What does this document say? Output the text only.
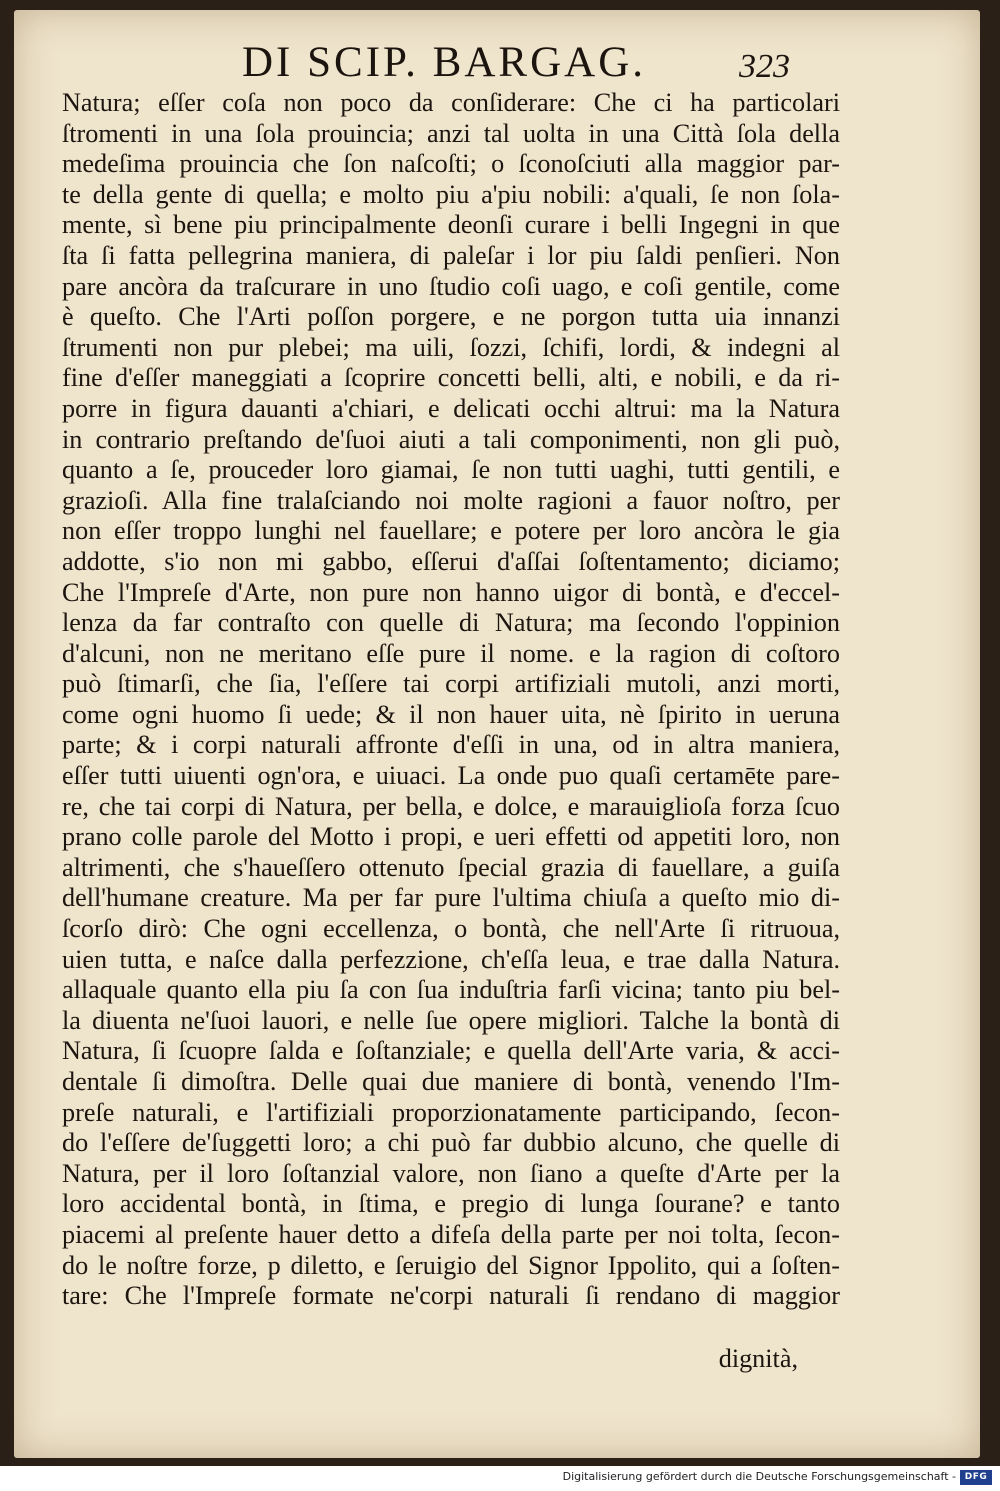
DI SCIP. BARGAG.	323
Natura; eſſer coſa non poco da conſiderare: Che ci ha particolari
ſtromenti in una ſola prouincia; anzi tal uolta in una Città ſola della
medeſima prouincia che ſon naſcoſti; o ſconoſciuti alla maggior par-
te della gente di quella; e molto piu a'piu nobili: a'quali, ſe non ſola-
mente, sì bene piu principalmente deonſi curare i belli Ingegni in que
ſta ſi fatta pellegrina maniera, di paleſar i lor piu ſaldi penſieri. Non
pare ancòra da traſcurare in uno ſtudio coſi uago, e coſi gentile, come
è queſto. Che l'Arti poſſon porgere, e ne porgon tutta uia innanzi
ſtrumenti non pur plebei; ma uili, ſozzi, ſchifi, lordi, & indegni al
fine d'eſſer maneggiati a ſcoprire concetti belli, alti, e nobili, e da ri-
porre in figura dauanti a'chiari, e delicati occhi altrui: ma la Natura
in contrario preſtando de'ſuoi aiuti a tali componimenti, non gli può,
quanto a ſe, prouceder loro giamai, ſe non tutti uaghi, tutti gentili, e
grazioſi. Alla fine tralaſciando noi molte ragioni a fauor noſtro, per
non eſſer troppo lunghi nel fauellare; e potere per loro ancòra le gia
addotte, s'io non mi gabbo, eſſerui d'aſſai ſoſtentamento; diciamo;
Che l'Impreſe d'Arte, non pure non hanno uigor di bontà, e d'eccel-
lenza da far contraſto con quelle di Natura; ma ſecondo l'oppinion
d'alcuni, non ne meritano eſſe pure il nome. e la ragion di coſtoro
può ſtimarſi, che ſia, l'eſſere tai corpi artifiziali mutoli, anzi morti,
come ogni huomo ſi uede; & il non hauer uita, nè ſpirito in ueruna
parte; & i corpi naturali affronte d'eſſi in una, od in altra maniera,
eſſer tutti uiuenti ogn'ora, e uiuaci. La onde puo quaſi certamēte pare-
re, che tai corpi di Natura, per bella, e dolce, e marauiglioſa forza ſcuo
prano colle parole del Motto i propi, e ueri effetti od appetiti loro, non
altrimenti, che s'haueſſero ottenuto ſpecial grazia di fauellare, a guiſa
dell'humane creature. Ma per far pure l'ultima chiuſa a queſto mio di-
ſcorſo dirò: Che ogni eccellenza, o bontà, che nell'Arte ſi ritruoua,
uien tutta, e naſce dalla perfezzione, ch'eſſa leua, e trae dalla Natura.
allaquale quanto ella piu ſa con ſua induſtria farſi vicina; tanto piu bel-
la diuenta ne'ſuoi lauori, e nelle ſue opere migliori. Talche la bontà di
Natura, ſi ſcuopre ſalda e ſoſtanziale; e quella dell'Arte varia, & acci-
dentale ſi dimoſtra. Delle quai due maniere di bontà, venendo l'Im-
preſe naturali, e l'artifiziali proporzionatamente participando, ſecon-
do l'eſſere de'ſuggetti loro; a chi può far dubbio alcuno, che quelle di
Natura, per il loro ſoſtanzial valore, non ſiano a queſte d'Arte per la
loro accidental bontà, in ſtima, e pregio di lunga ſourane? e tanto
piacemi al preſente hauer detto a difeſa della parte per noi tolta, ſecon-
do le noſtre forze, p diletto, e ſeruigio del Signor Ippolito, qui a ſoſten-
tare: Che l'Impreſe formate ne'corpi naturali ſi rendano di maggior
dignità,
Digitalisierung gefördert durch die Deutsche Forschungsgemeinschaft - DFG
